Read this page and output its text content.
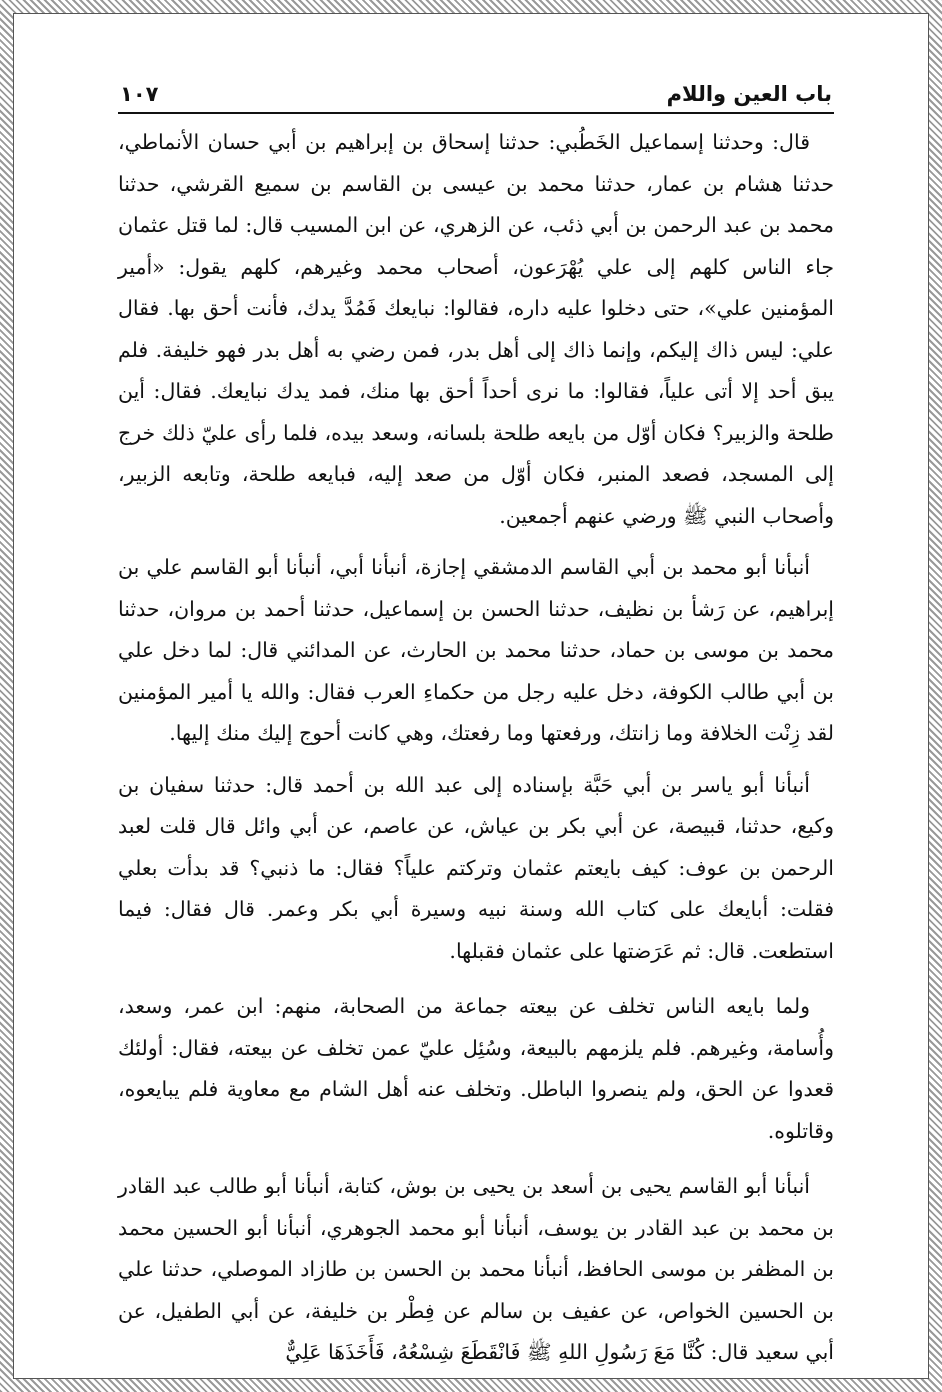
باب العين واللام
١٠٧

قال: وحدثنا إسماعيل الخَطُبي: حدثنا إسحاق بن إبراهيم بن أبي حسان الأنماطي، حدثنا هشام بن عمار، حدثنا محمد بن عيسى بن القاسم بن سميع القرشي، حدثنا محمد بن عبد الرحمن بن أبي ذئب، عن الزهري، عن ابن المسيب قال: لما قتل عثمان جاء الناس كلهم إلى علي يُهْرَعون، أصحاب محمد وغيرهم، كلهم يقول: «أمير المؤمنين علي»، حتى دخلوا عليه داره، فقالوا: نبايعك فَمُدَّ يدك، فأنت أحق بها. فقال علي: ليس ذاك إليكم، وإنما ذاك إلى أهل بدر، فمن رضي به أهل بدر فهو خليفة. فلم يبق أحد إلا أتى علياً، فقالوا: ما نرى أحداً أحق بها منك، فمد يدك نبايعك. فقال: أين طلحة والزبير؟ فكان أوّل من بايعه طلحة بلسانه، وسعد بيده، فلما رأى عليّ ذلك خرج إلى المسجد، فصعد المنبر، فكان أوّل من صعد إليه، فبايعه طلحة، وتابعه الزبير، وأصحاب النبي ﷺ ورضي عنهم أجمعين.

أنبأنا أبو محمد بن أبي القاسم الدمشقي إجازة، أنبأنا أبي، أنبأنا أبو القاسم علي بن إبراهيم، عن رَشأ بن نظيف، حدثنا الحسن بن إسماعيل، حدثنا أحمد بن مروان، حدثنا محمد بن موسى بن حماد، حدثنا محمد بن الحارث، عن المدائني قال: لما دخل علي بن أبي طالب الكوفة، دخل عليه رجل من حكماءِ العرب فقال: والله يا أمير المؤمنين لقد زِنْت الخلافة وما زانتك، ورفعتها وما رفعتك، وهي كانت أحوج إليك منك إليها.

أنبأنا أبو ياسر بن أبي حَبَّة بإسناده إلى عبد الله بن أحمد قال: حدثنا سفيان بن وكيع، حدثنا، قبيصة، عن أبي بكر بن عياش، عن عاصم، عن أبي وائل قال قلت لعبد الرحمن بن عوف: كيف بايعتم عثمان وتركتم علياً؟ فقال: ما ذنبي؟ قد بدأت بعلي فقلت: أبايعك على كتاب الله وسنة نبيه وسيرة أبي بكر وعمر. قال فقال: فيما استطعت. قال: ثم عَرَضتها على عثمان فقبلها.

ولما بايعه الناس تخلف عن بيعته جماعة من الصحابة، منهم: ابن عمر، وسعد، وأُسامة، وغيرهم. فلم يلزمهم بالبيعة، وسُئِل عليّ عمن تخلف عن بيعته، فقال: أولئك قعدوا عن الحق، ولم ينصروا الباطل. وتخلف عنه أهل الشام مع معاوية فلم يبايعوه، وقاتلوه.

أنبأنا أبو القاسم يحيى بن أسعد بن يحيى بن بوش، كتابة، أنبأنا أبو طالب عبد القادر بن محمد بن عبد القادر بن يوسف، أنبأنا أبو محمد الجوهري، أنبأنا أبو الحسين محمد بن المظفر بن موسى الحافظ، أنبأنا محمد بن الحسن بن طازاد الموصلي، حدثنا علي بن الحسين الخواص، عن عفيف بن سالم عن فِطْر بن خليفة، عن أبي الطفيل، عن أبي سعيد قال: كُنَّا مَعَ رَسُولِ اللهِ ﷺ فَانْقَطَعَ شِسْعُهُ، فَأَخَذَهَا عَلِيٌّ
